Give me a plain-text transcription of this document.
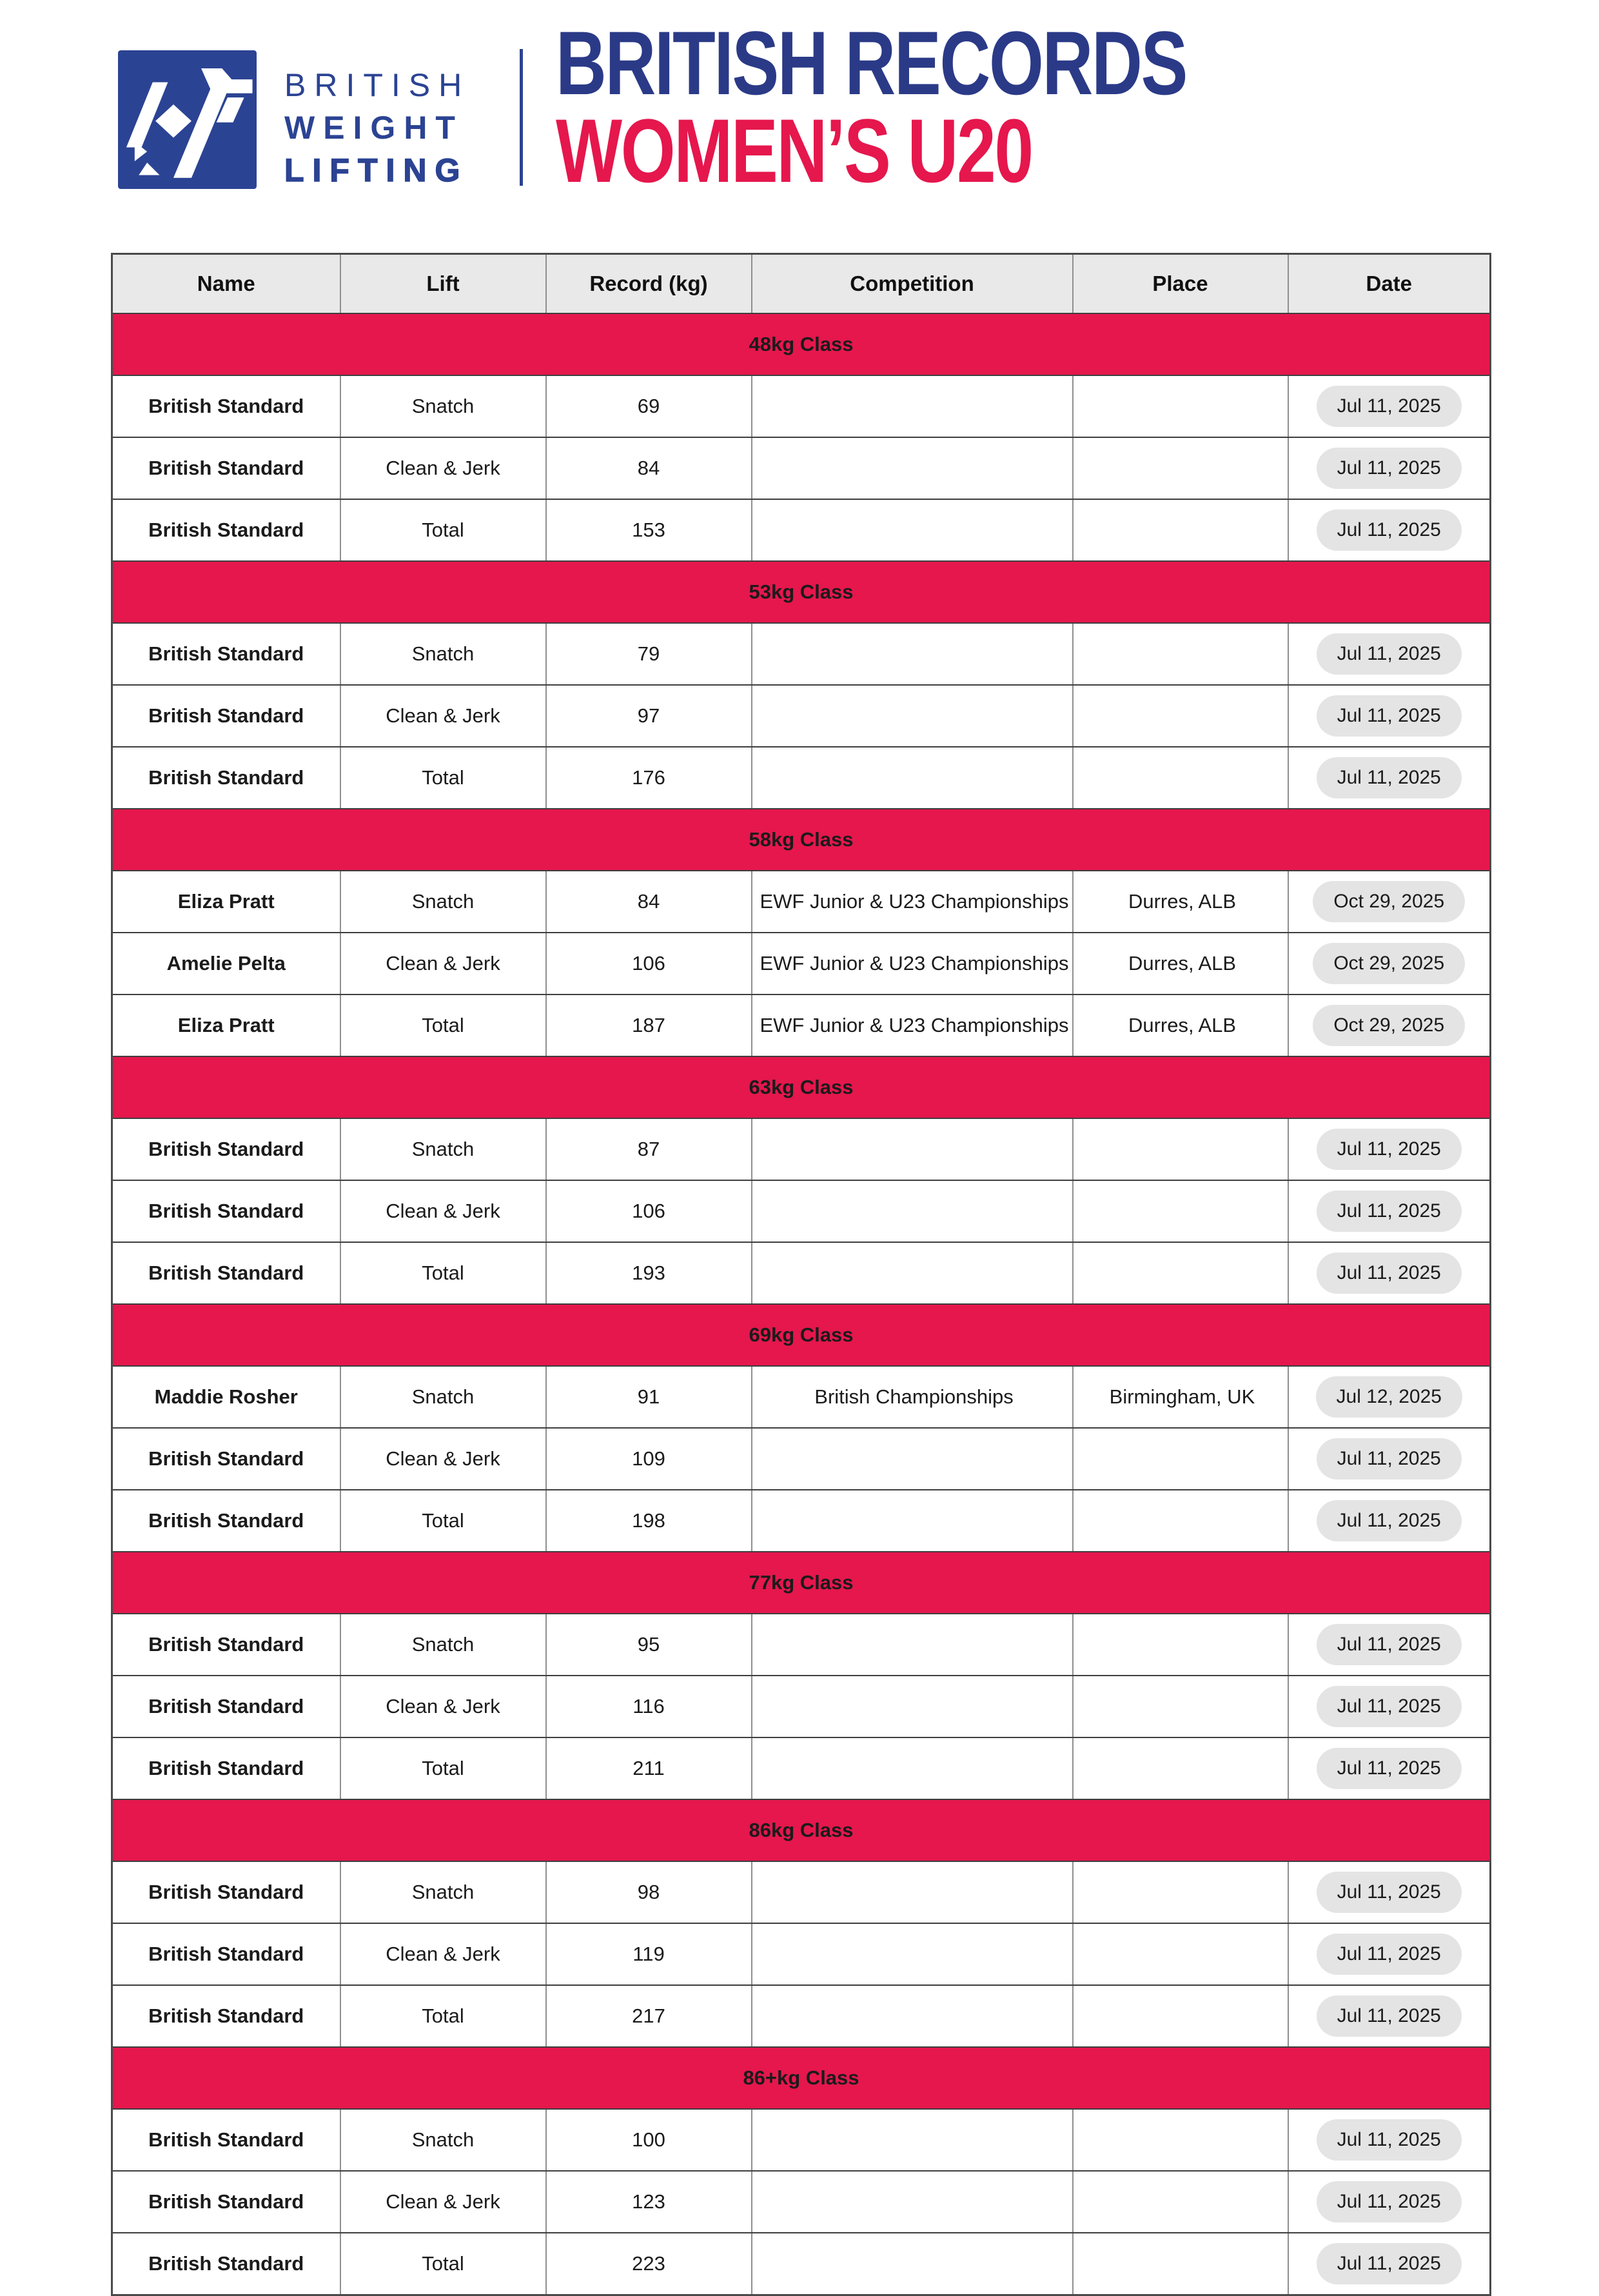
BRITISH
WEIGHT
LIFTING
BRITISH RECORDS
WOMEN’S U20
Name	Lift	Record (kg)	Competition	Place	Date
48kg Class					
British Standard	Snatch	69			Jul 11, 2025
British Standard	Clean & Jerk	84			Jul 11, 2025
British Standard	Total	153			Jul 11, 2025
53kg Class					
British Standard	Snatch	79			Jul 11, 2025
British Standard	Clean & Jerk	97			Jul 11, 2025
British Standard	Total	176			Jul 11, 2025
58kg Class					
Eliza Pratt	Snatch	84	EWF Junior & U23 Championships	Durres, ALB	Oct 29, 2025
Amelie Pelta	Clean & Jerk	106	EWF Junior & U23 Championships	Durres, ALB	Oct 29, 2025
Eliza Pratt	Total	187	EWF Junior & U23 Championships	Durres, ALB	Oct 29, 2025
63kg Class					
British Standard	Snatch	87			Jul 11, 2025
British Standard	Clean & Jerk	106			Jul 11, 2025
British Standard	Total	193			Jul 11, 2025
69kg Class					
Maddie Rosher	Snatch	91	British Championships	Birmingham, UK	Jul 12, 2025
British Standard	Clean & Jerk	109			Jul 11, 2025
British Standard	Total	198			Jul 11, 2025
77kg Class					
British Standard	Snatch	95			Jul 11, 2025
British Standard	Clean & Jerk	116			Jul 11, 2025
British Standard	Total	211			Jul 11, 2025
86kg Class					
British Standard	Snatch	98			Jul 11, 2025
British Standard	Clean & Jerk	119			Jul 11, 2025
British Standard	Total	217			Jul 11, 2025
86+kg Class					
British Standard	Snatch	100			Jul 11, 2025
British Standard	Clean & Jerk	123			Jul 11, 2025
British Standard	Total	223			Jul 11, 2025
